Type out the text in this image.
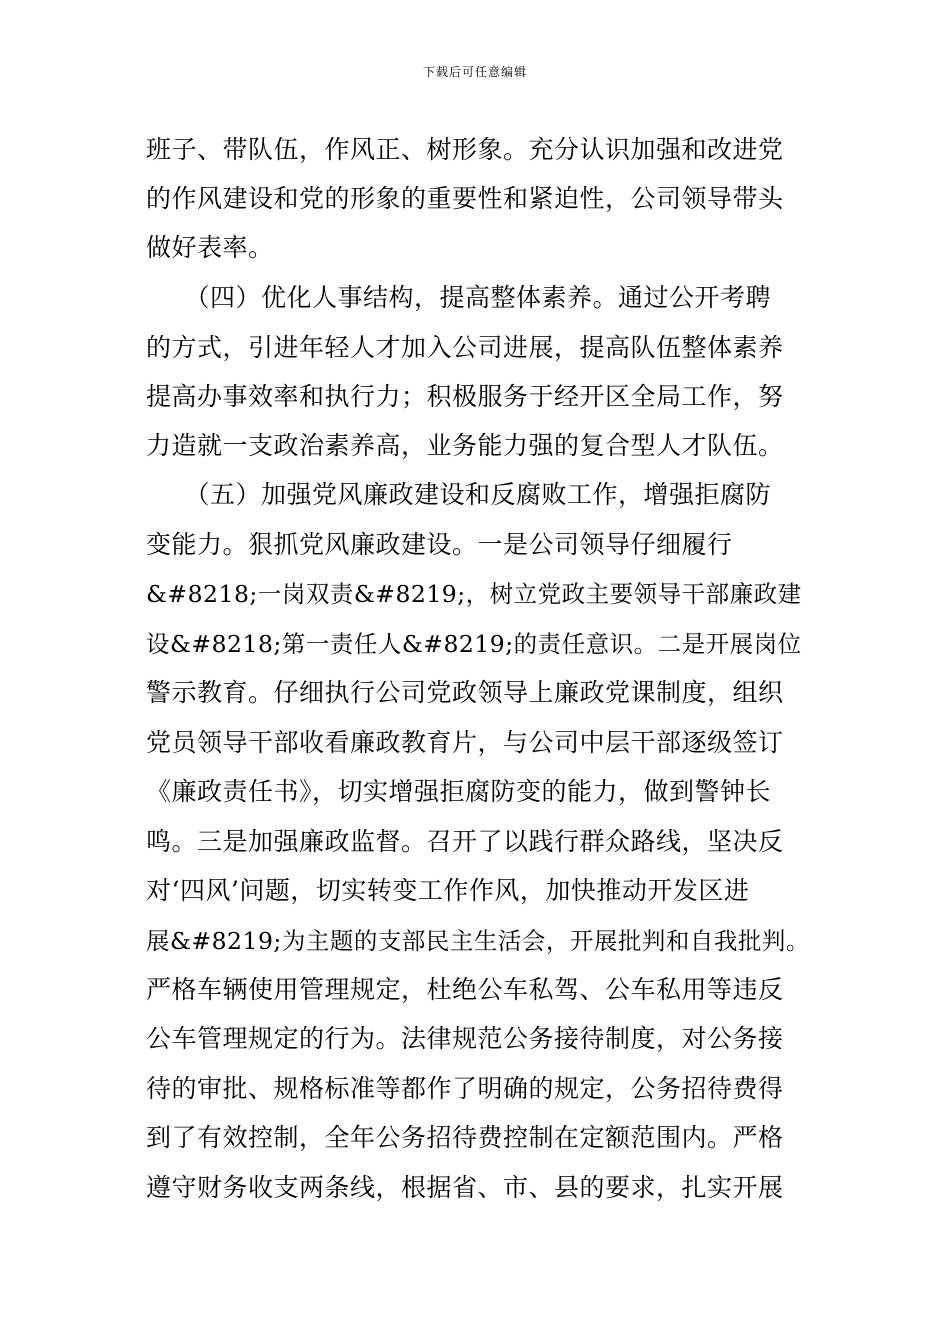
下载后可任意编辑
班子、带队伍，作风正、树形象。充分认识加强和改进党
的作风建设和党的形象的重要性和紧迫性，公司领导带头
做好表率。
　　（四）优化人事结构，提高整体素养。通过公开考聘
的方式，引进年轻人才加入公司进展，提高队伍整体素养
提高办事效率和执行力；积极服务于经开区全局工作，努
力造就一支政治素养高，业务能力强的复合型人才队伍。
　　（五）加强党风廉政建设和反腐败工作，增强拒腐防
变能力。狠抓党风廉政建设。一是公司领导仔细履行
&#8218;一岗双责&#8219;，树立党政主要领导干部廉政建
设&#8218;第一责任人&#8219;的责任意识。二是开展岗位
警示教育。仔细执行公司党政领导上廉政党课制度，组织
党员领导干部收看廉政教育片，与公司中层干部逐级签订
《廉政责任书》，切实增强拒腐防变的能力，做到警钟长
鸣。三是加强廉政监督。召开了以践行群众路线，坚决反
对‘四风’问题，切实转变工作作风，加快推动开发区进
展&#8219;为主题的支部民主生活会，开展批判和自我批判。
严格车辆使用管理规定，杜绝公车私驾、公车私用等违反
公车管理规定的行为。法律规范公务接待制度，对公务接
待的审批、规格标准等都作了明确的规定，公务招待费得
到了有效控制，全年公务招待费控制在定额范围内。严格
遵守财务收支两条线，根据省、市、县的要求，扎实开展
